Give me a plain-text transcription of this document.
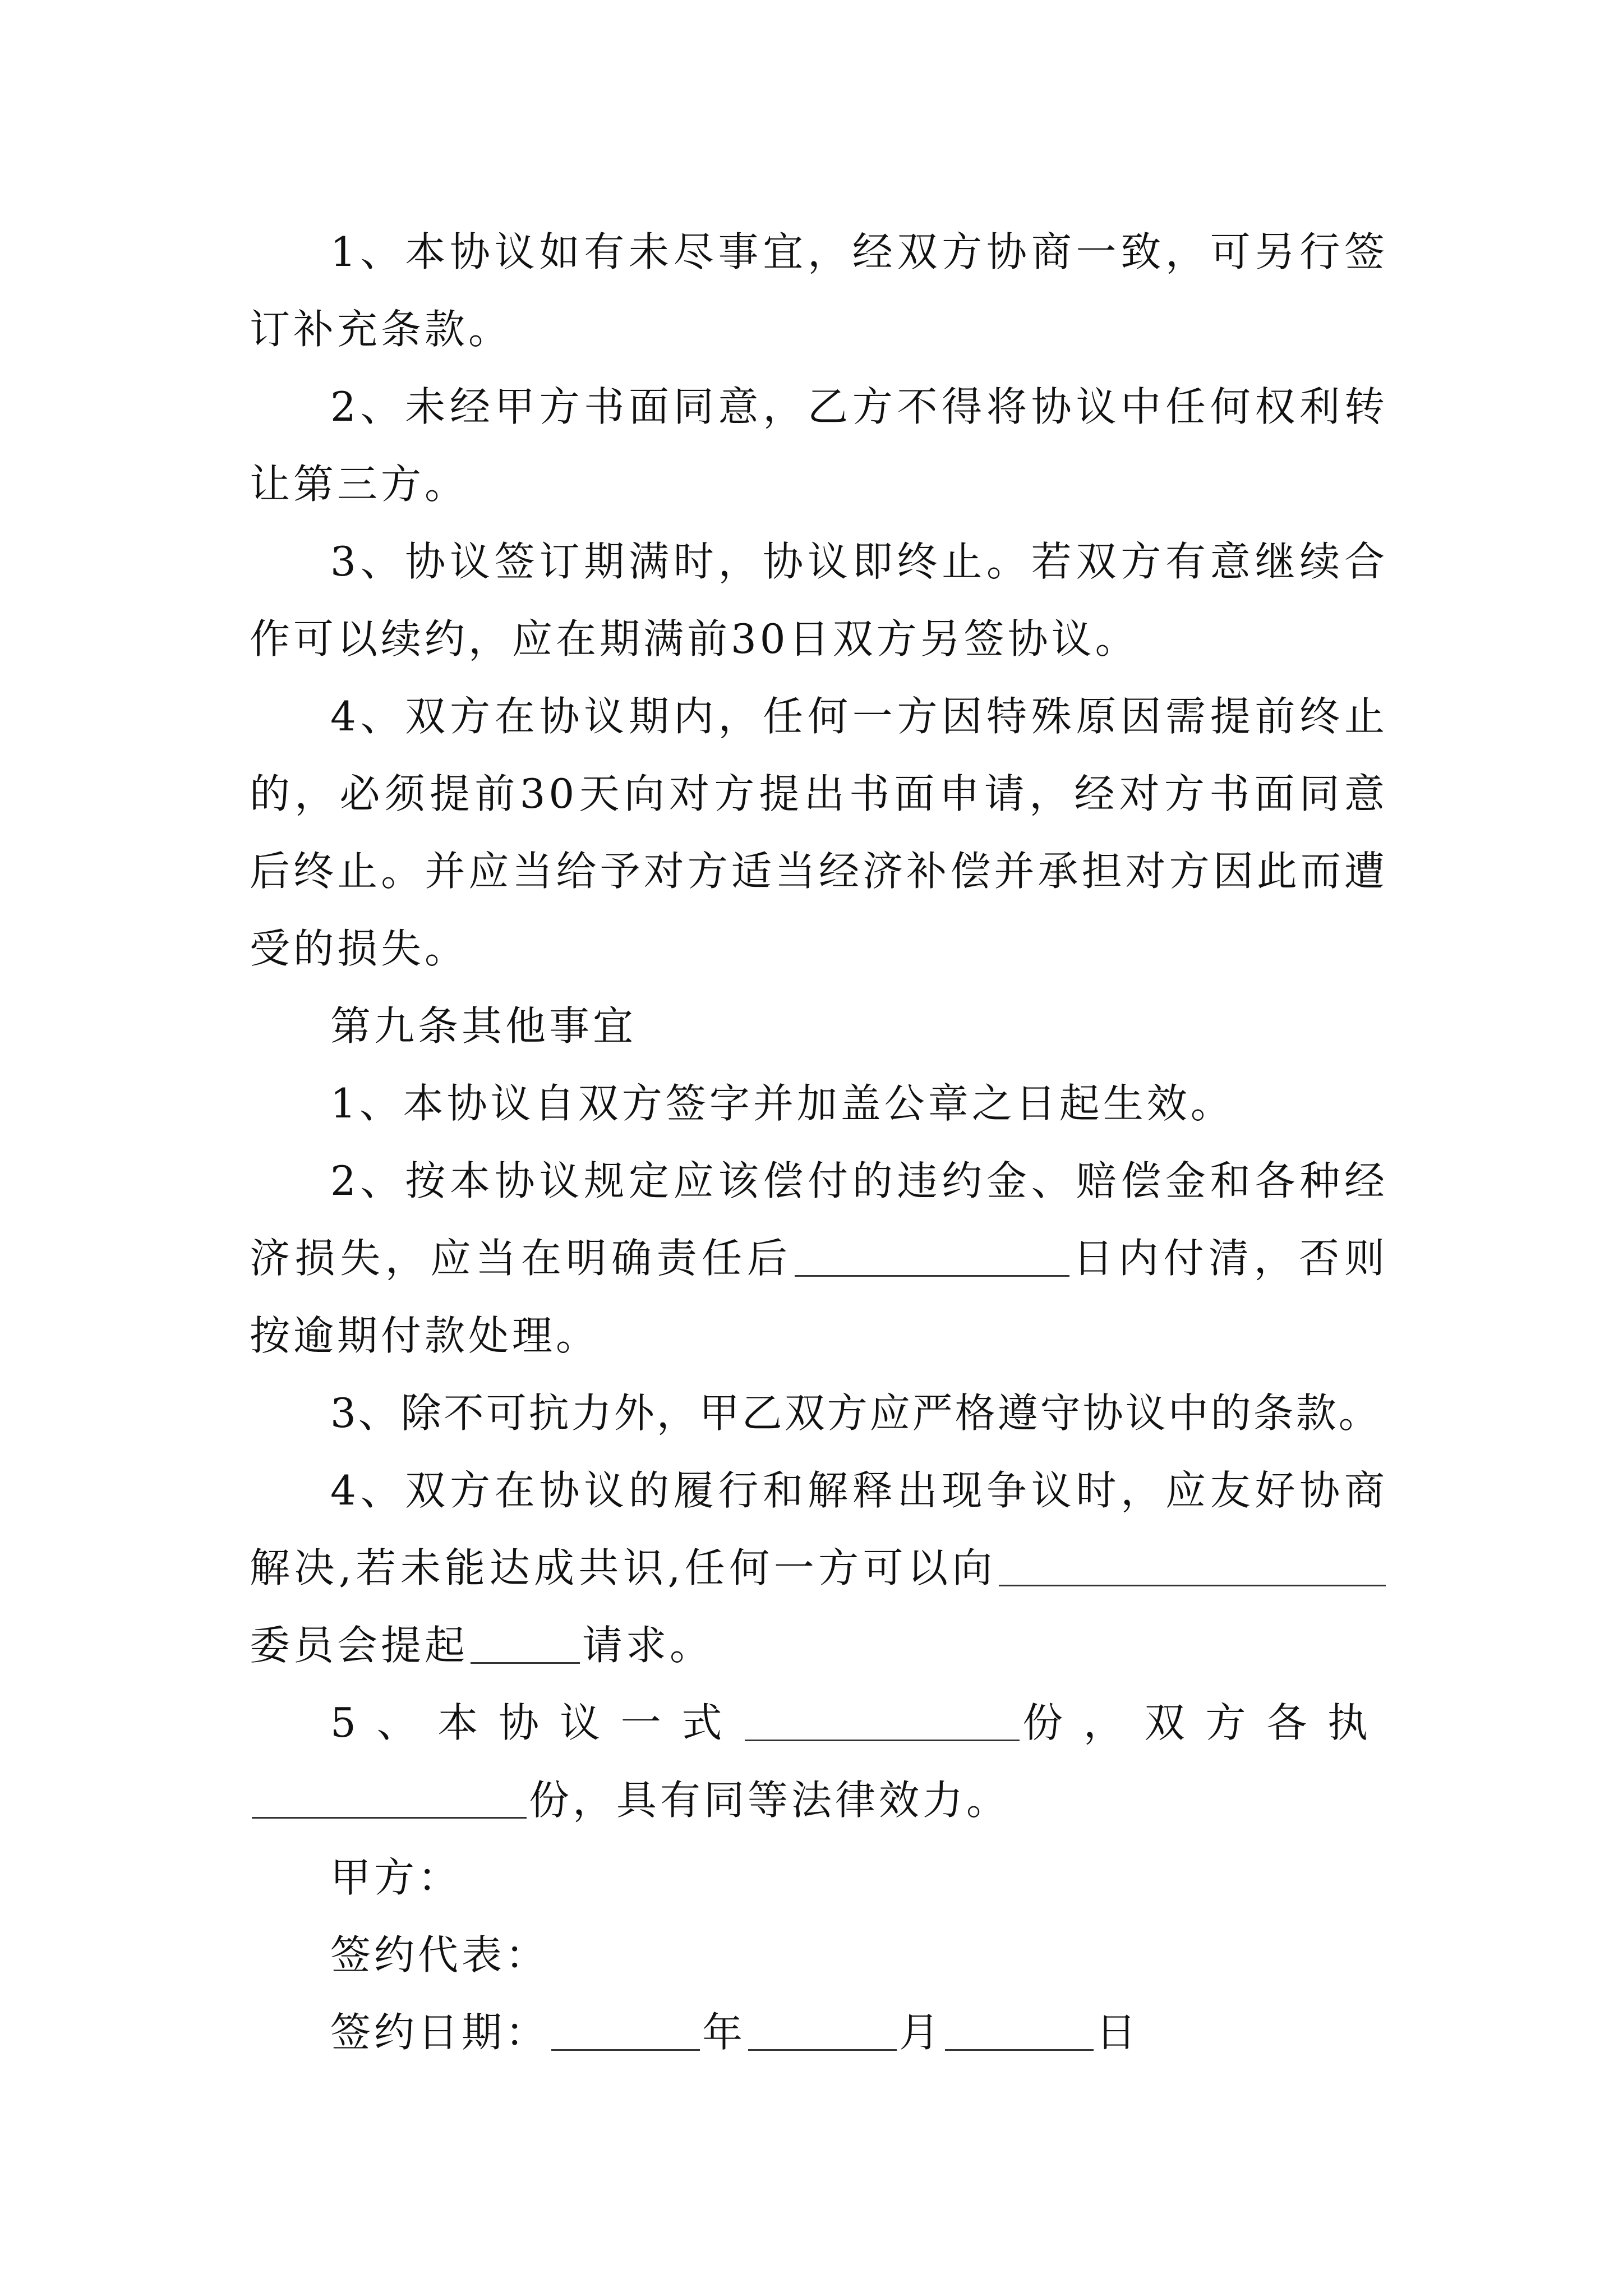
1、本协议如有未尽事宜，经双方协商一致，可另行签订补充条款。

2、未经甲方书面同意，乙方不得将协议中任何权利转让第三方。

3、协议签订期满时，协议即终止。若双方有意继续合作可以续约，应在期满前30日双方另签协议。

4、双方在协议期内，任何一方因特殊原因需提前终止的，必须提前30天向对方提出书面申请，经对方书面同意后终止。并应当给予对方适当经济补偿并承担对方因此而遭受的损失。

第九条其他事宜

1、本协议自双方签字并加盖公章之日起生效。

2、按本协议规定应该偿付的违约金、赔偿金和各种经济损失，应当在明确责任后	日内付清，否则按逾期付款处理。

3、除不可抗力外，甲乙双方应严格遵守协议中的条款。

4、双方在协议的履行和解释出现争议时，应友好协商解决,若未能达成共识,任何一方可以向委员会提起	请求。

5、本协议一式	份，双方各执份，具有同等法律效力。

甲方：

签约代表：

签约日期：	年	月	日
